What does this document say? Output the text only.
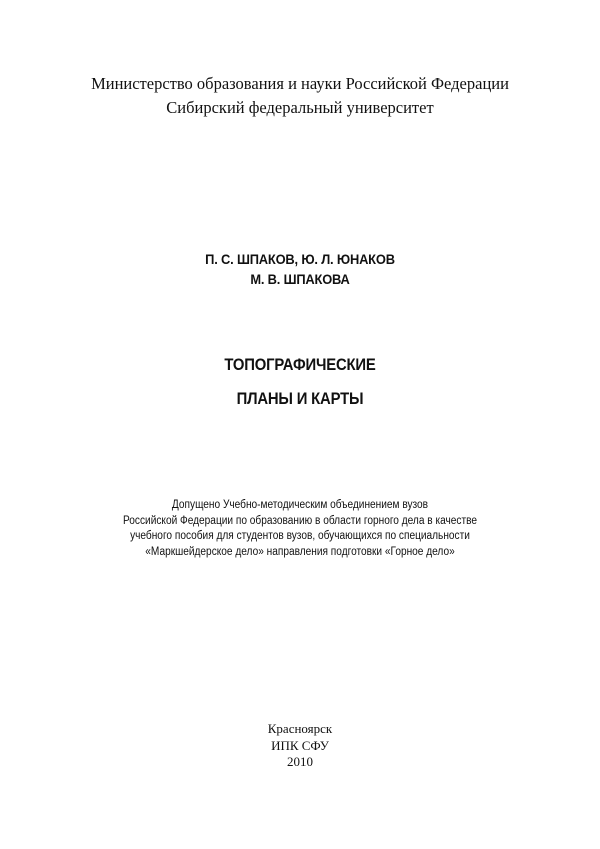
Министерство образования и науки Российской Федерации
Сибирский федеральный университет
П. С. ШПАКОВ, Ю. Л. ЮНАКОВ
М. В. ШПАКОВА
ТОПОГРАФИЧЕСКИЕ
ПЛАНЫ И КАРТЫ
Допущено Учебно-методическим объединением вузов
Российской Федерации по образованию в области горного дела в качестве
учебного пособия для студентов вузов, обучающихся по специальности
«Маркшейдерское дело» направления подготовки «Горное дело»
Красноярск
ИПК СФУ
2010
